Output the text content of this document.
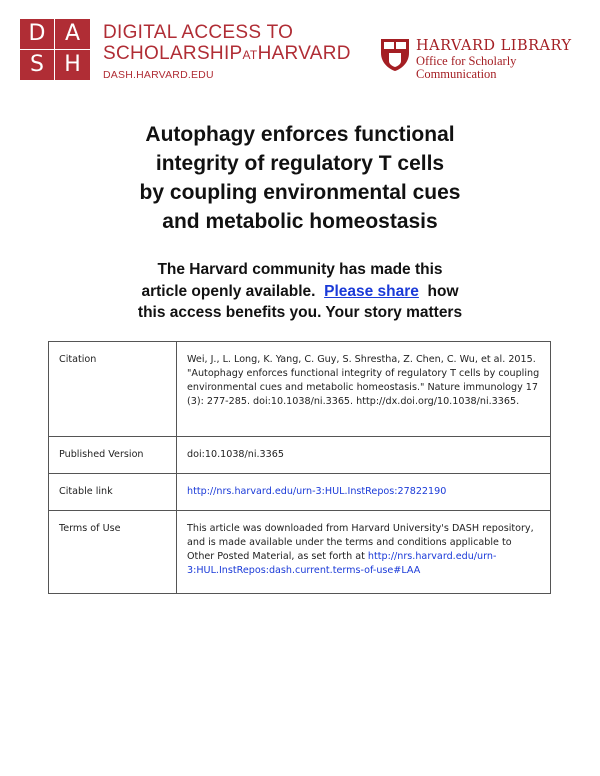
D A
S H
DIGITAL ACCESS TO
SCHOLARSHIPATHARVARD
DASH.HARVARD.EDU
HARVARD LIBRARY
Office for Scholarly Communication
Autophagy enforces functional
integrity of regulatory T cells
by coupling environmental cues
and metabolic homeostasis
The Harvard community has made this
article openly available. Please share how
this access benefits you. Your story matters
Citation	Wei, J., L. Long, K. Yang, C. Guy, S. Shrestha, Z. Chen, C. Wu, et al. 2015. "Autophagy enforces functional integrity of regulatory T cells by coupling environmental cues and metabolic homeostasis." Nature immunology 17 (3): 277-285. doi:10.1038/ni.3365. http://dx.doi.org/10.1038/ni.3365.
Published Version	doi:10.1038/ni.3365
Citable link	http://nrs.harvard.edu/urn-3:HUL.InstRepos:27822190
Terms of Use	This article was downloaded from Harvard University's DASH repository, and is made available under the terms and conditions applicable to Other Posted Material, as set forth at http://nrs.harvard.edu/urn-3:HUL.InstRepos:dash.current.terms-of-use#LAA
